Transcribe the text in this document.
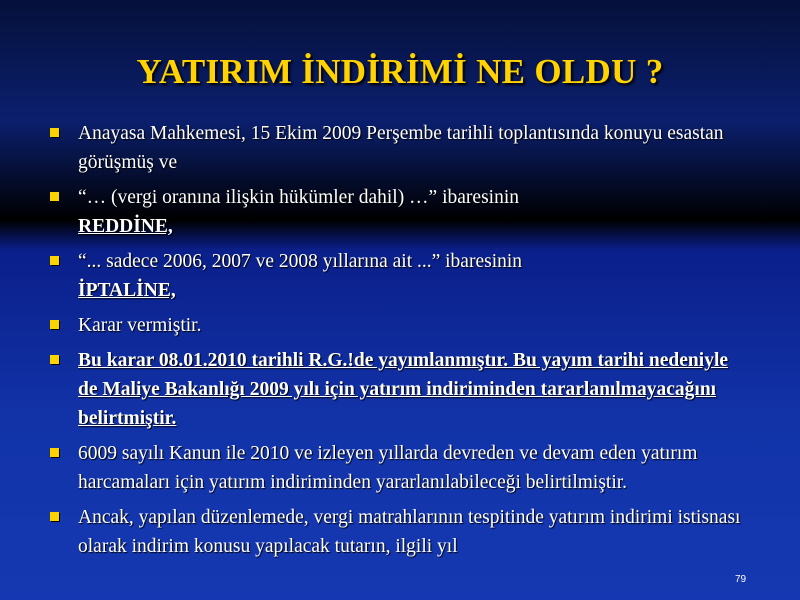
YATIRIM İNDİRİMİ NE OLDU ?
Anayasa Mahkemesi, 15 Ekim 2009 Perşembe tarihli toplantısında konuyu esastan görüşmüş ve
“… (vergi oranına ilişkin hükümler dahil) …” ibaresinin
REDDİNE,
“... sadece 2006, 2007 ve 2008 yıllarına ait ...” ibaresinin
İPTALİNE,
Karar vermiştir.
Bu karar 08.01.2010 tarihli R.G.!de yayımlanmıştır. Bu yayım tarihi nedeniyle de Maliye Bakanlığı 2009 yılı için yatırım indiriminden tararlanılmayacağını belirtmiştir.
6009 sayılı Kanun ile 2010 ve izleyen yıllarda devreden ve devam eden yatırım harcamaları için yatırım indiriminden yararlanılabileceği belirtilmiştir.
Ancak, yapılan düzenlemede, vergi matrahlarının tespitinde yatırım indirimi istisnası olarak indirim konusu yapılacak tutarın, ilgili yıl
79
